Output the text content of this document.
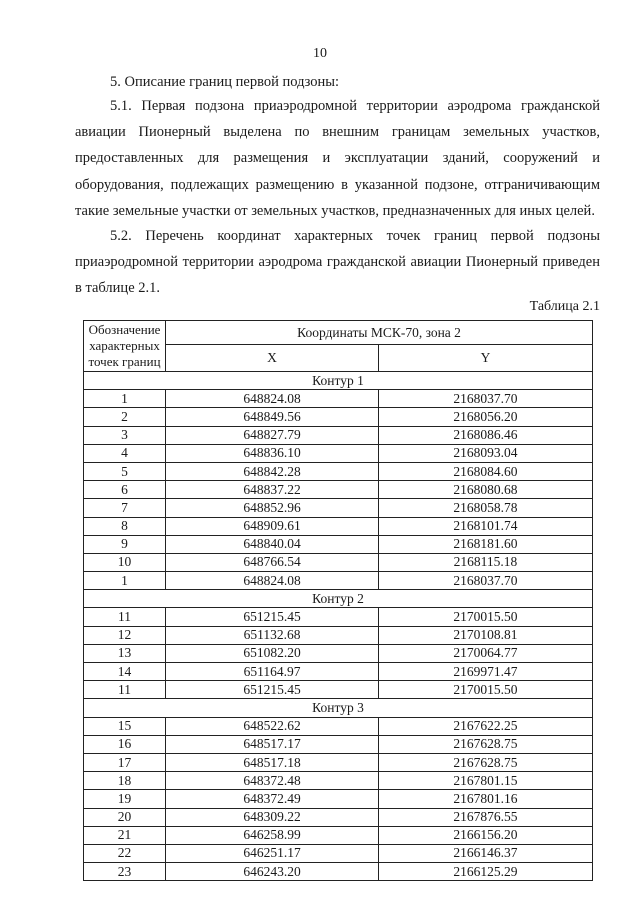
10
5. Описание границ первой подзоны:

5.1. Первая подзона приаэродромной территории аэродрома гражданской авиации Пионерный выделена по внешним границам земельных участков, предоставленных для размещения и эксплуатации зданий, сооружений и оборудования, подлежащих размещению в указанной подзоне, отграничивающим такие земельные участки от земельных участков, предназначенных для иных целей.

5.2. Перечень координат характерных точек границ первой подзоны приаэродромной территории аэродрома гражданской авиации Пионерный приведен в таблице 2.1.

Таблица 2.1
Обозначение характерных точек границ	Координаты МСК-70, зона 2	
	X	Y
Контур 1		
1	648824.08	2168037.70
2	648849.56	2168056.20
3	648827.79	2168086.46
4	648836.10	2168093.04
5	648842.28	2168084.60
6	648837.22	2168080.68
7	648852.96	2168058.78
8	648909.61	2168101.74
9	648840.04	2168181.60
10	648766.54	2168115.18
1	648824.08	2168037.70
Контур 2		
11	651215.45	2170015.50
12	651132.68	2170108.81
13	651082.20	2170064.77
14	651164.97	2169971.47
11	651215.45	2170015.50
Контур 3		
15	648522.62	2167622.25
16	648517.17	2167628.75
17	648517.18	2167628.75
18	648372.48	2167801.15
19	648372.49	2167801.16
20	648309.22	2167876.55
21	646258.99	2166156.20
22	646251.17	2166146.37
23	646243.20	2166125.29
